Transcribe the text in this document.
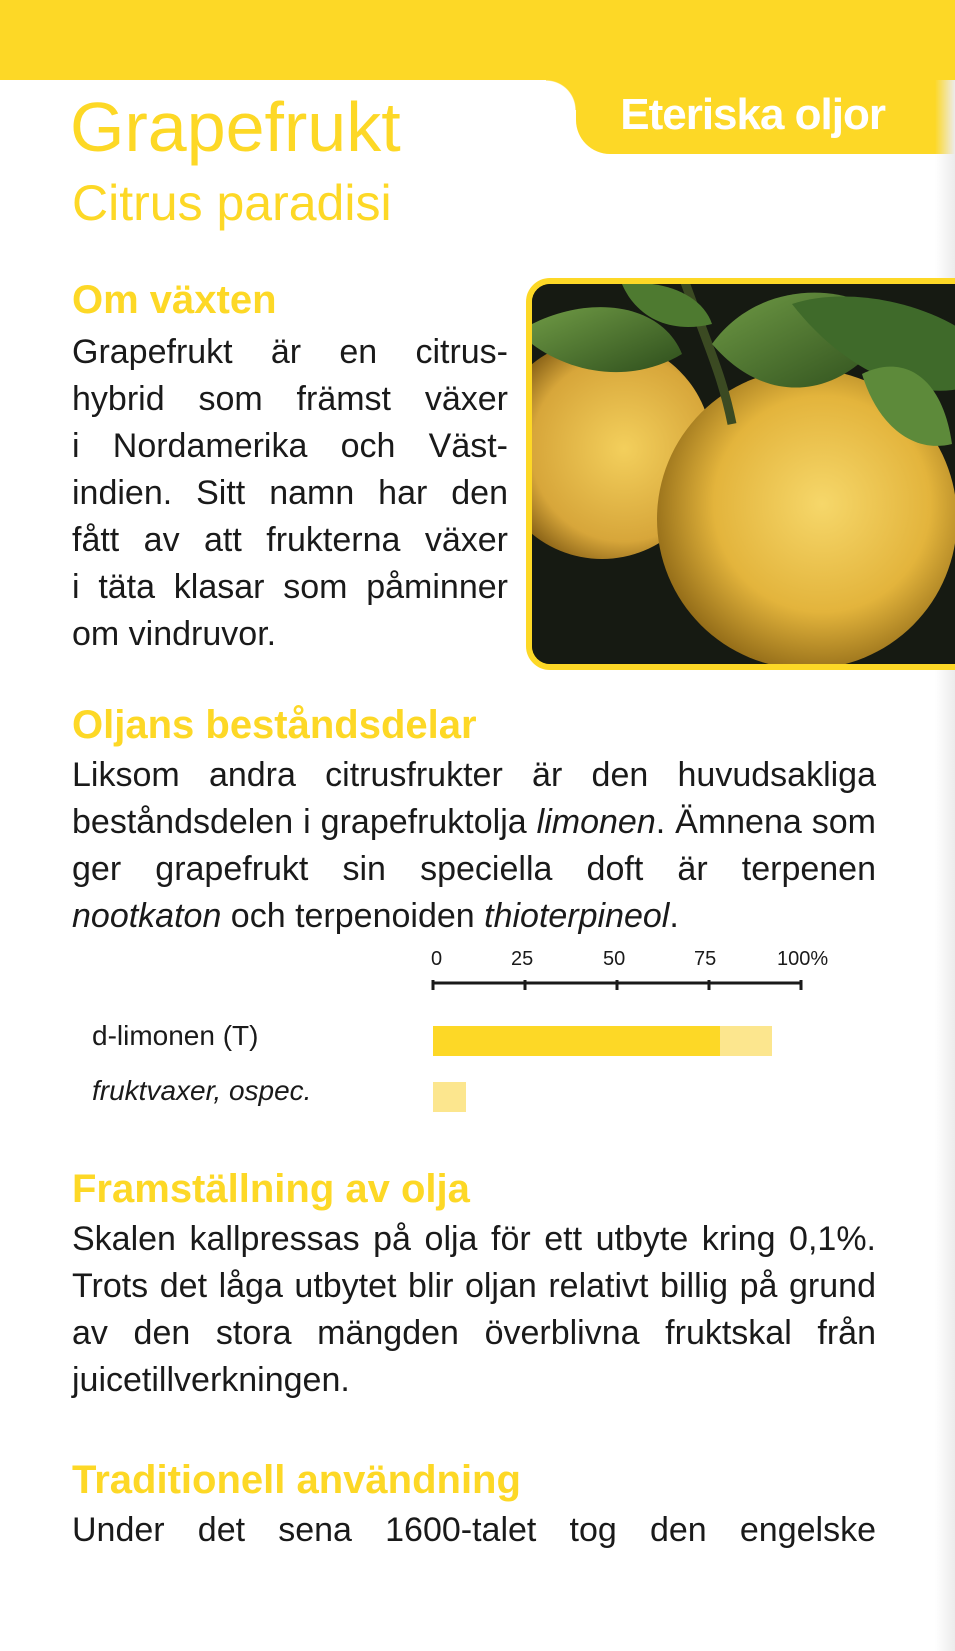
Eteriska oljor
Grapefrukt
Citrus paradisi
Om växten
Grapefrukt är en citrus-
hybrid som främst växer
i Nordamerika och Väst-
indien. Sitt namn har den
fått av att frukterna växer
i täta klasar som påminner
om vindruvor.
Oljans beståndsdelar

Liksom andra citrusfrukter är den huvudsakliga beståndsdelen i grapefruktolja limonen. Ämnena som ger grapefrukt sin speciella doft är terpenen nootkaton och terpenoiden thioterpineol.

0	25	50	75	100%
d-limonen (T)
fruktvaxer, ospec.
Framställning av olja

Skalen kallpressas på olja för ett utbyte kring 0,1%. Trots det låga utbytet blir oljan relativt billig på grund av den stora mängden överblivna fruktskal från juicetillverkningen.

Traditionell användning

Under det sena 1600-talet tog den engelske
